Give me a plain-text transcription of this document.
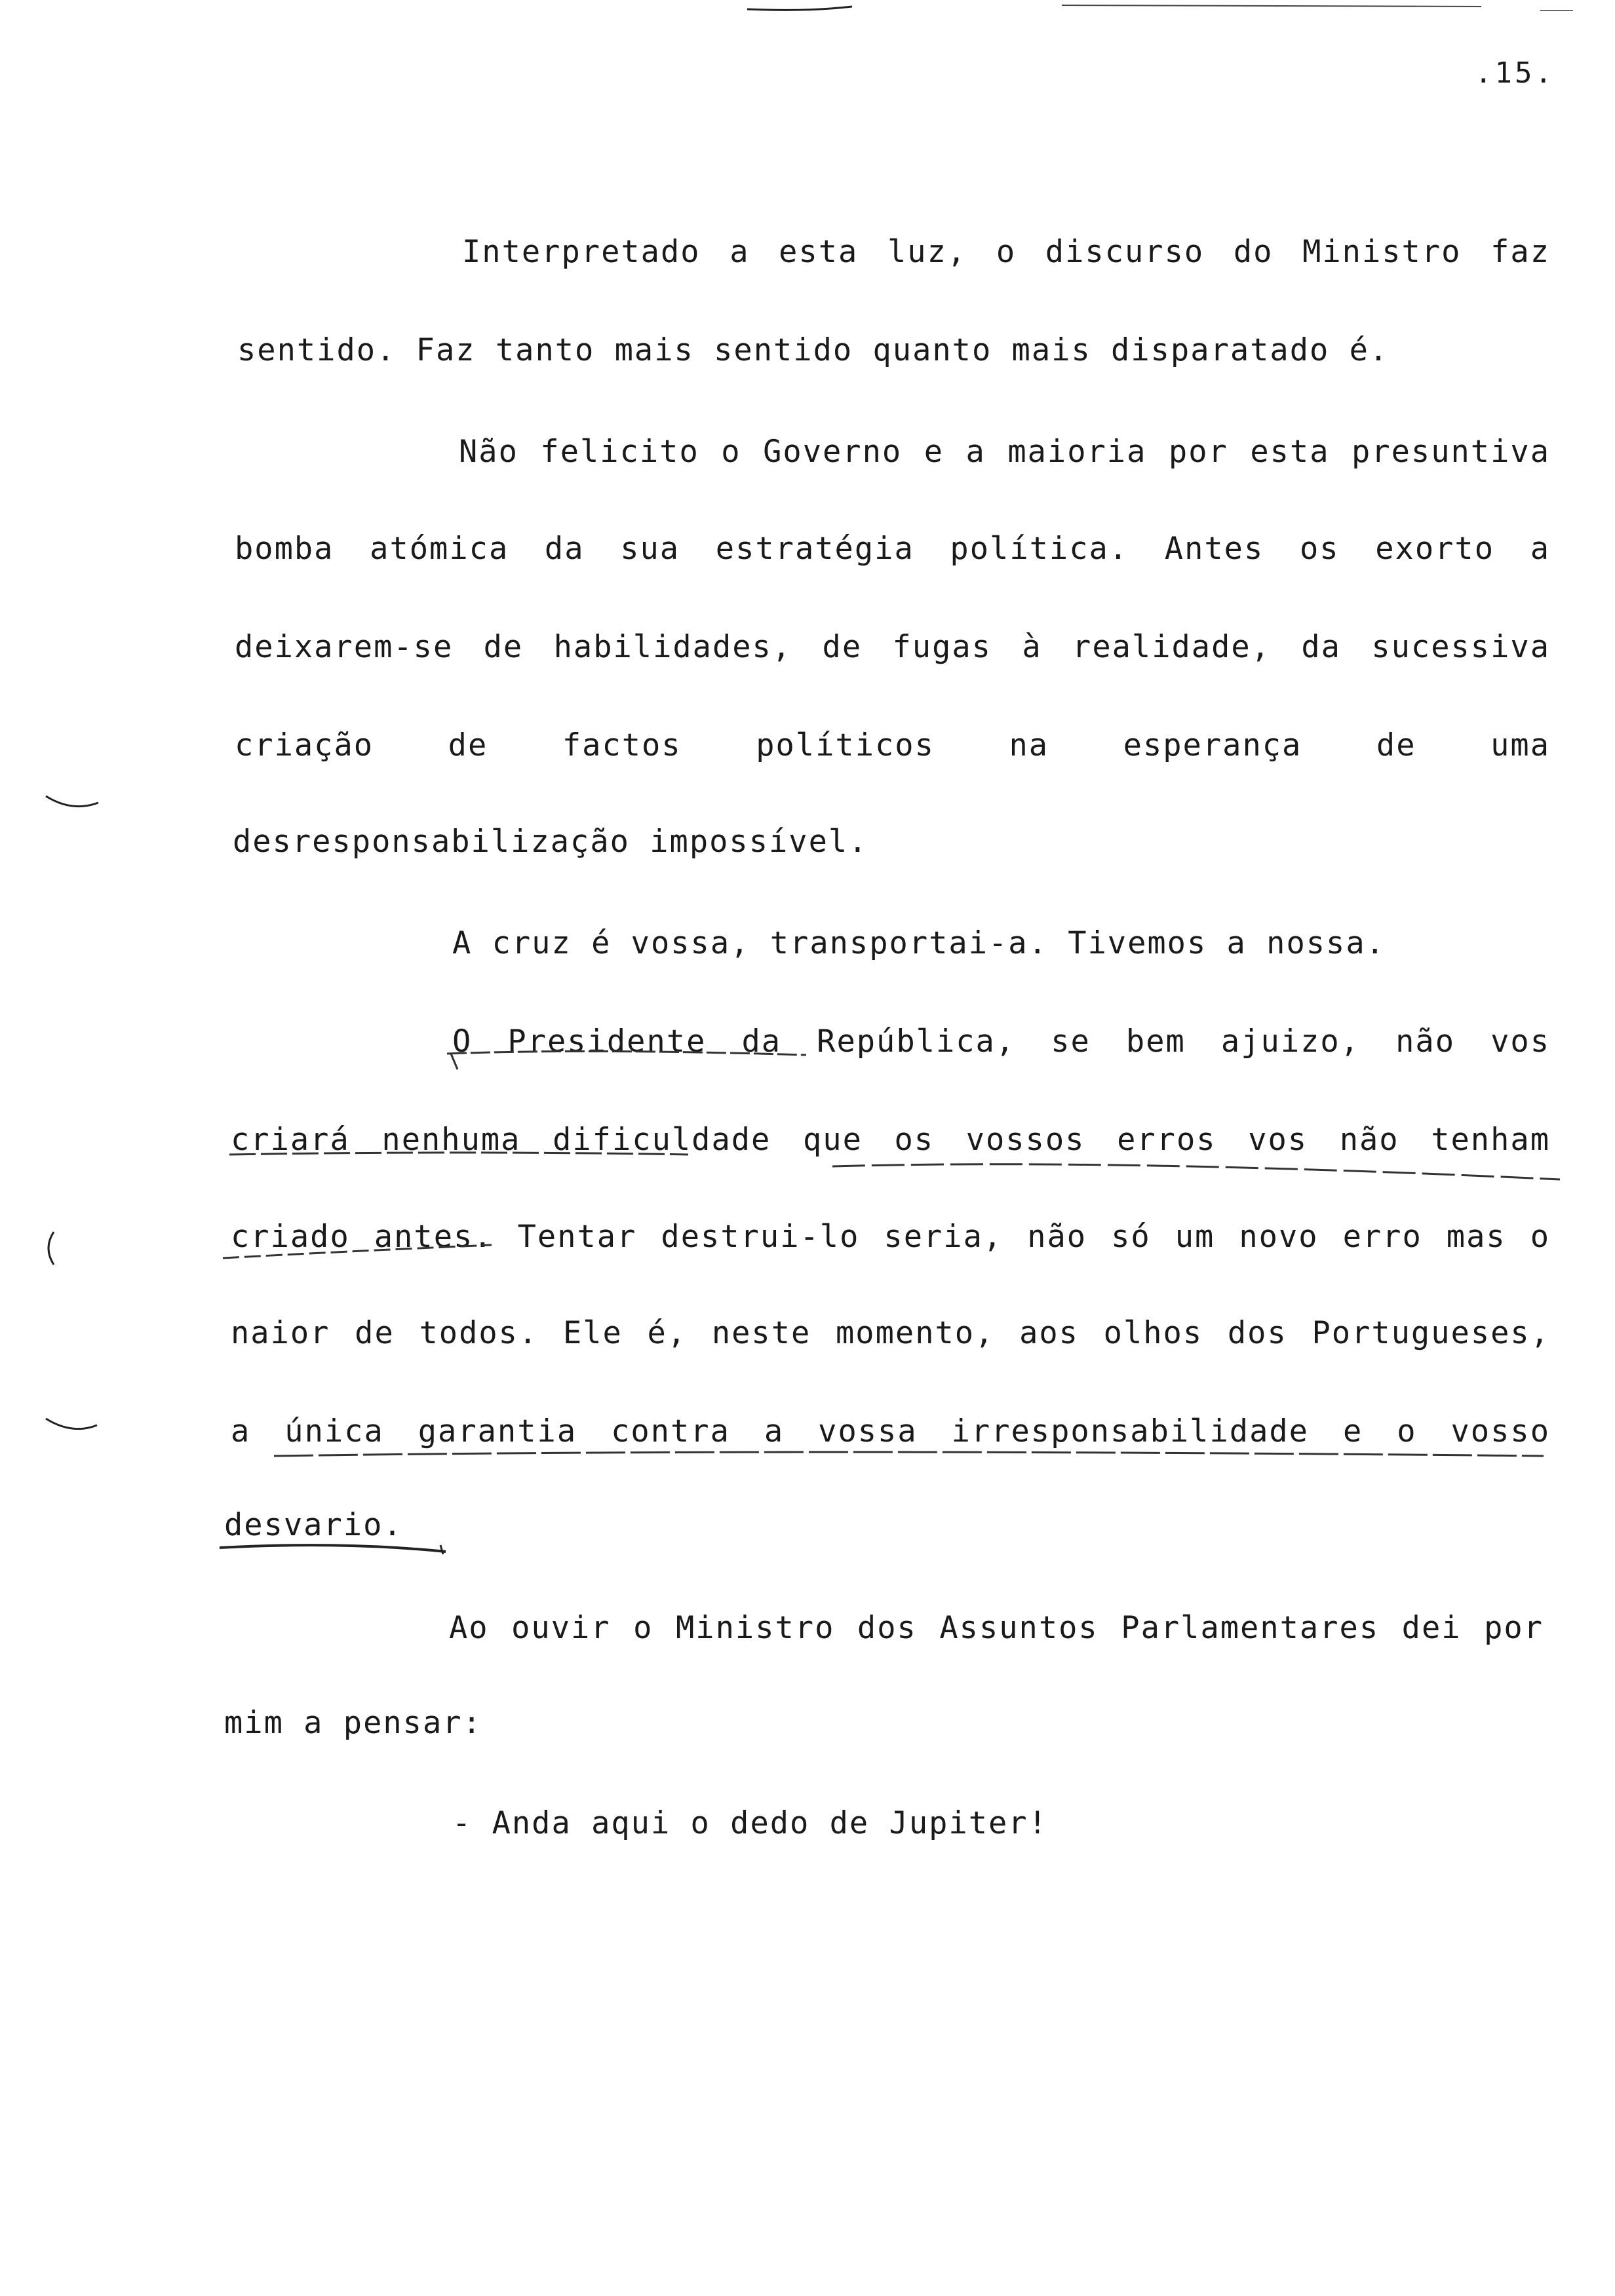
.15.
Interpretado a esta luz, o discurso do Ministro faz
sentido. Faz tanto mais sentido quanto mais disparatado é.
Não felicito o Governo e a maioria por esta presuntiva
bomba atómica da sua estratégia política. Antes os exorto a
deixarem-se de habilidades, de fugas à realidade, da sucessiva
criação de factos políticos na esperança de uma
desresponsabilização impossível.
A cruz é vossa, transportai-a. Tivemos a nossa.
O Presidente da República, se bem ajuizo, não vos
criará nenhuma dificuldade que os vossos erros vos não tenham
criado antes. Tentar destrui-lo seria, não só um novo erro mas o
naior de todos. Ele é, neste momento, aos olhos dos Portugueses,
a única garantia contra a vossa irresponsabilidade e o vosso
desvario.
Ao ouvir o Ministro dos Assuntos Parlamentares dei por
mim a pensar:
- Anda aqui o dedo de Jupiter!
